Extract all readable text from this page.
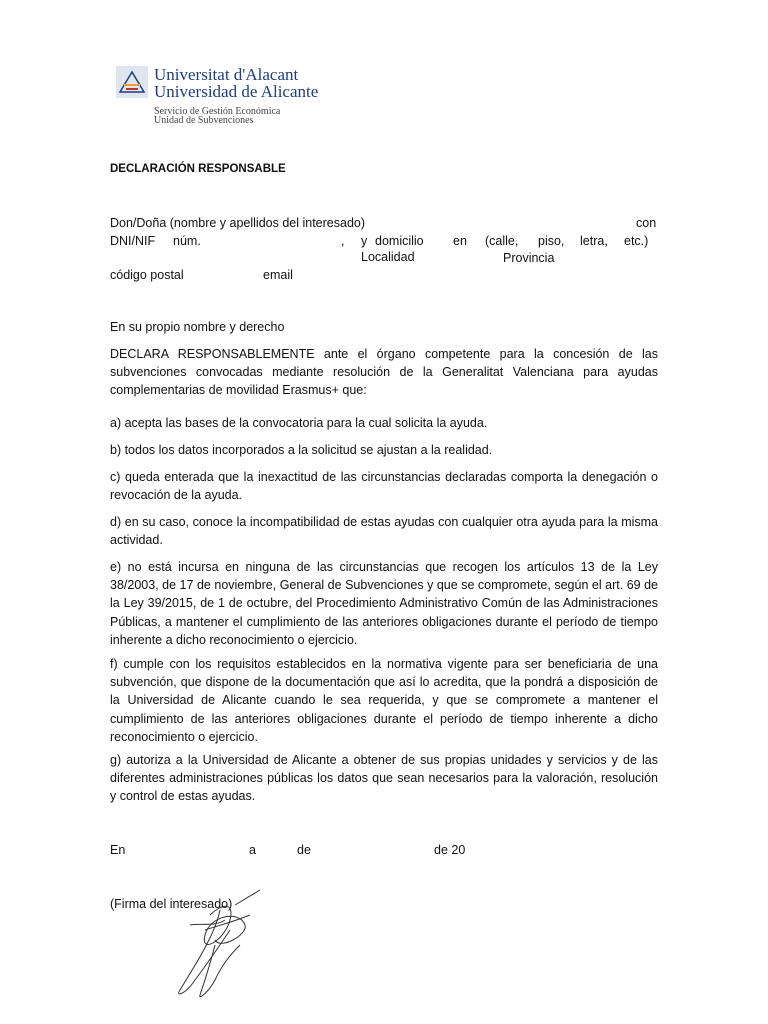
Universitat d'Alacant
Universidad de Alicante
Servicio de Gestión Económica
Unidad de Subvenciones
DECLARACIÓN RESPONSABLE
Don/Doña (nombre y apellidos del interesado)	con
DNI/NIF núm.	, y domicilio en (calle, piso, letra, etc.)
Localidad	Provincia
código postal	email
En su propio nombre y derecho
DECLARA RESPONSABLEMENTE ante el órgano competente para la concesión de las subvenciones convocadas mediante resolución de la Generalitat Valenciana para ayudas complementarias de movilidad Erasmus+ que:
a) acepta las bases de la convocatoria para la cual solicita la ayuda.
b) todos los datos incorporados a la solicitud se ajustan a la realidad.
c) queda enterada que la inexactitud de las circunstancias declaradas comporta la denegación o revocación de la ayuda.
d) en su caso, conoce la incompatibilidad de estas ayudas con cualquier otra ayuda para la misma actividad.
e) no está incursa en ninguna de las circunstancias que recogen los artículos 13 de la Ley 38/2003, de 17 de noviembre, General de Subvenciones y que se compromete, según el art. 69 de la Ley 39/2015, de 1 de octubre, del Procedimiento Administrativo Común de las Administraciones Públicas, a mantener el cumplimiento de las anteriores obligaciones durante el período de tiempo inherente a dicho reconocimiento o ejercicio.
f) cumple con los requisitos establecidos en la normativa vigente para ser beneficiaria de una subvención, que dispone de la documentación que así lo acredita, que la pondrá a disposición de la Universidad de Alicante cuando le sea requerida, y que se compromete a mantener el cumplimiento de las anteriores obligaciones durante el período de tiempo inherente a dicho reconocimiento o ejercicio.
g) autoriza a la Universidad de Alicante a obtener de sus propias unidades y servicios y de las diferentes administraciones públicas los datos que sean necesarios para la valoración, resolución y control de estas ayudas.
En	a	de	de 20
(Firma del interesado)
